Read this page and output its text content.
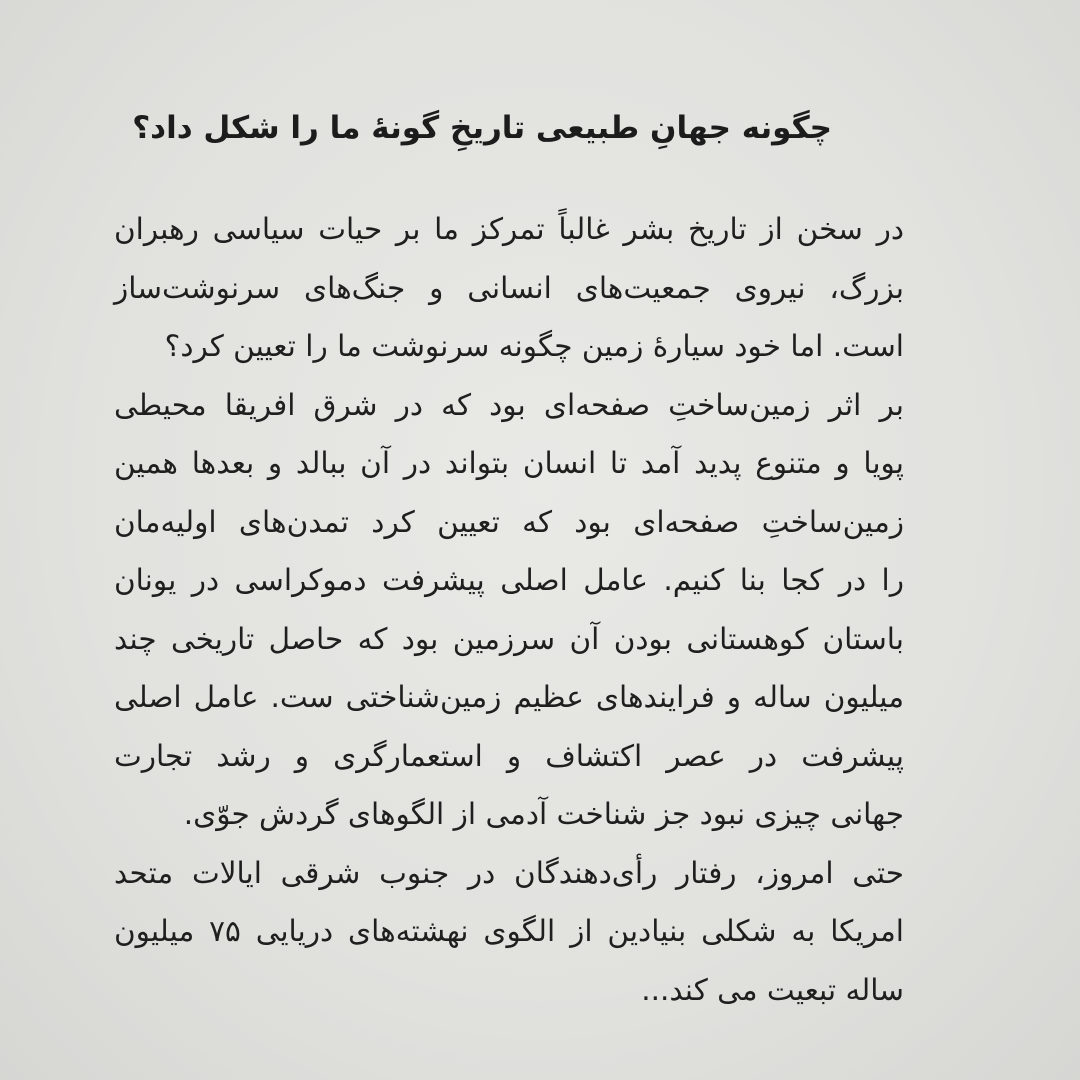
چگونه جهانِ طبیعی تاریخِ گونهٔ ما را شکل داد؟
در سخن از تاریخ بشر غالباً تمرکز ما بر حیات سیاسی رهبران
بزرگ، نیروی جمعیت‌های انسانی و جنگ‌های سرنوشت‌ساز
است. اما خود سیارهٔ زمین چگونه سرنوشت ما را تعیین کرد؟
بر اثر زمین‌ساختِ صفحه‌ای بود که در شرق افریقا محیطی
پویا و متنوع پدید آمد تا انسان بتواند در آن ببالد و بعدها همین
زمین‌ساختِ صفحه‌ای بود که تعیین کرد تمدن‌های اولیه‌مان
را در کجا بنا کنیم. عامل اصلی پیشرفت دموکراسی در یونان
باستان کوهستانی بودن آن سرزمین بود که حاصل تاریخی چند
میلیون ساله و فرایندهای عظیم زمین‌شناختی ست. عامل اصلی
پیشرفت در عصر اکتشاف و استعمارگری و رشد تجارت
جهانی چیزی نبود جز شناخت آدمی از الگوهای گردش جوّی.
حتی امروز، رفتار رأی‌دهندگان در جنوب شرقی ایالات متحد
امریکا به شکلی بنیادین از الگوی نهشته‌های دریایی ۷۵ میلیون
ساله تبعیت می کند...
